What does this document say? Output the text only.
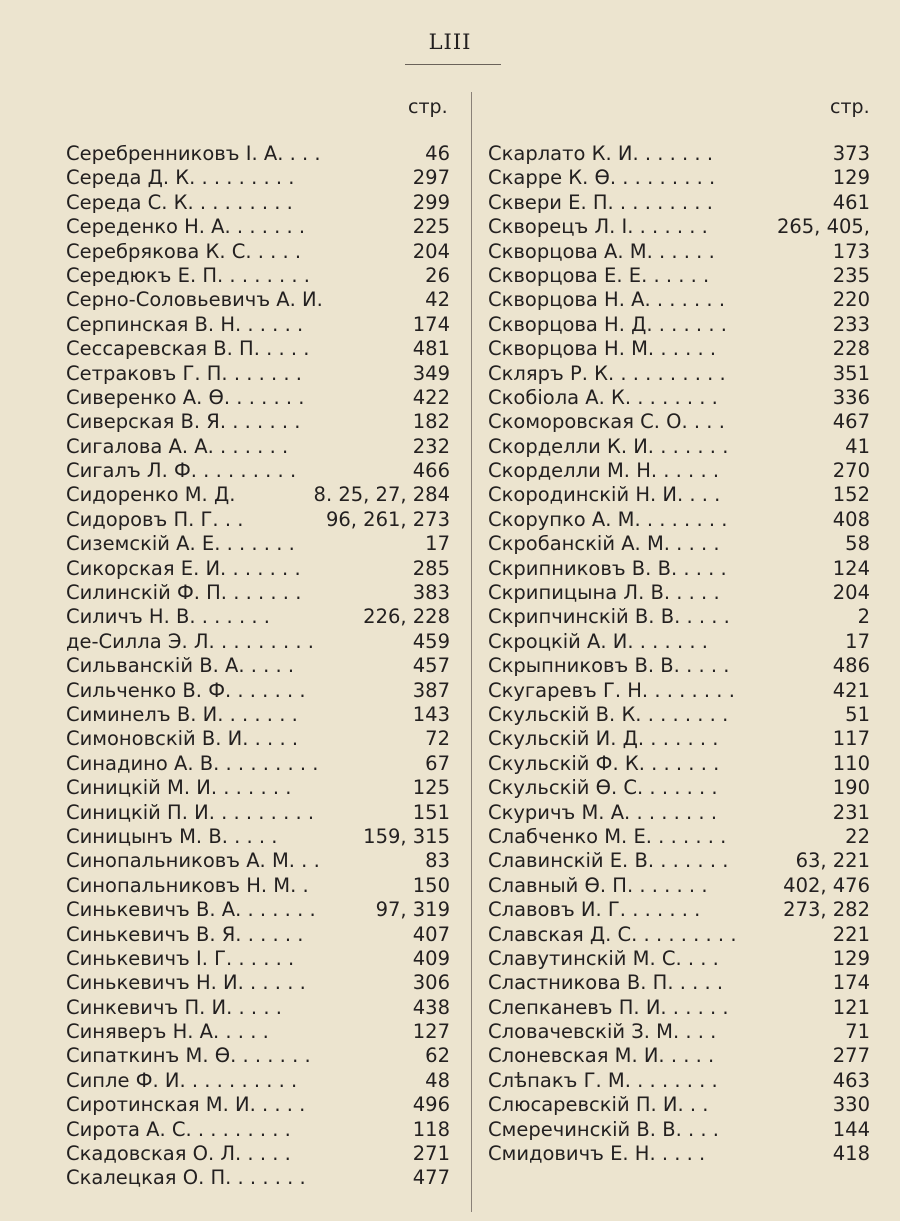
LIII
стр.	стр.
Серебренниковъ І. А. . . .	46
Середа Д. К. . . . . . . . .	297
Середа С. К. . . . . . . . .	299
Середенко Н. А. . . . . . .	225
Серебрякова К. С. . . . .	204
Середюкъ Е. П. . . . . . . .	26
Серно-Соловьевичъ А. И.	42
Серпинская В. Н. . . . . .	174
Сессаревская В. П. . . . .	481
Сетраковъ Г. П. . . . . . .	349
Сиверенко А. Ѳ. . . . . . .	422
Сиверская В. Я. . . . . . .	182
Сигалова А. А. . . . . . .	232
Сигалъ Л. Ф. . . . . . . . .	466
Сидоренко М. Д.	8. 25, 27, 284
Сидоровъ П. Г. . .	96, 261, 273
Сиземскій А. Е. . . . . . .	17
Сикорская Е. И. . . . . . .	285
Силинскій Ф. П. . . . . . .	383
Силичъ Н. В. . . . . . .	226, 228
де-Силла Э. Л. . . . . . . . .	459
Сильванскій В. А. . . . .	457
Сильченко В. Ф. . . . . . .	387
Симинелъ В. И. . . . . . .	143
Симоновскій В. И. . . . .	72
Синадино А. В. . . . . . . . .	67
Синицкій М. И. . . . . . .	125
Синицкій П. И. . . . . . . . .	151
Синицынъ М. В. . . . .	159, 315
Синопальниковъ А. М. . .	83
Синопальниковъ Н. М. .	150
Синькевичъ В. А. . . . . . .	97, 319
Синькевичъ В. Я. . . . . .	407
Синькевичъ І. Г. . . . . .	409
Синькевичъ Н. И. . . . . .	306
Синкевичъ П. И. . . . .	438
Синяверъ Н. А. . . . .	127
Сипаткинъ М. Ѳ. . . . . . .	62
Сипле Ф. И. . . . . . . . . .	48
Сиротинская М. И. . . . .	496
Сирота А. С. . . . . . . . .	118
Скадовская О. Л. . . . .	271
Скалецкая О. П. . . . . . .	477
Скарлато К. И. . . . . . .	373
Скарре К. Ѳ. . . . . . . . .	129
Сквери Е. П. . . . . . . . .	461
Скворецъ Л. І. . . . . . .	265, 405,
Скворцова А. М. . . . . .	173
Скворцова Е. Е. . . . . .	235
Скворцова Н. А. . . . . . .	220
Скворцова Н. Д. . . . . . .	233
Скворцова Н. М. . . . . .	228
Скляръ Р. К. . . . . . . . . .	351
Скобіола А. К. . . . . . . .	336
Скоморовская С. О. . . .	467
Скорделли К. И. . . . . . .	41
Скорделли М. Н. . . . . .	270
Скородинскій Н. И. . . .	152
Скорупко А. М. . . . . . . .	408
Скробанскій А. М. . . . .	58
Скрипниковъ В. В. . . . .	124
Скрипицына Л. В. . . . .	204
Скрипчинскій В. В. . . . .	2
Скроцкій А. И. . . . . . .	17
Скрыпниковъ В. В. . . . .	486
Скугаревъ Г. Н. . . . . . . .	421
Скульскій В. К. . . . . . . .	51
Скульскій И. Д. . . . . . .	117
Скульскій Ф. К. . . . . . .	110
Скульскій Ѳ. С. . . . . . .	190
Скуричъ М. А. . . . . . . .	231
Слабченко М. Е. . . . . . .	22
Славинскій Е. В. . . . . . .	63, 221
Славный Ѳ. П. . . . . . .	402, 476
Славовъ И. Г. . . . . . .	273, 282
Славская Д. С. . . . . . . . .	221
Славутинскій М. С. . . .	129
Сластникова В. П. . . . .	174
Слепканевъ П. И. . . . . .	121
Словачевскій З. М. . . .	71
Слоневская М. И. . . . .	277
Слѣпакъ Г. М. . . . . . . .	463
Слюсаревскій П. И. . .	330
Смеречинскій В. В. . . .	144
Смидовичъ Е. Н. . . . .	418
